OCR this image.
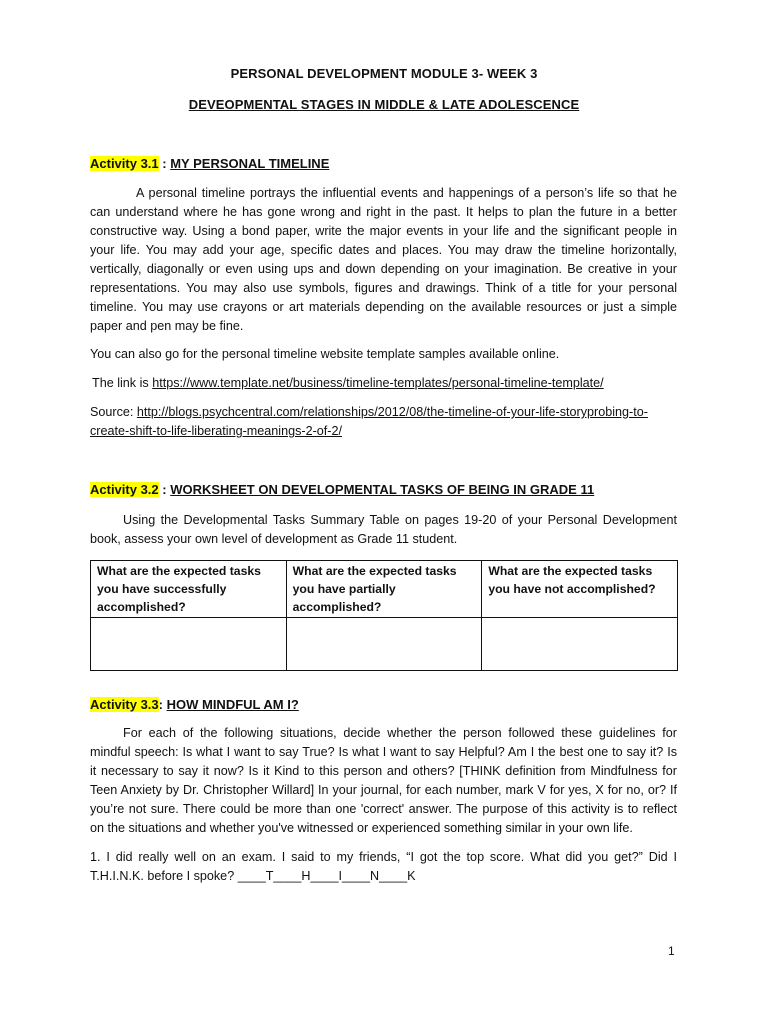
PERSONAL DEVELOPMENT MODULE 3- WEEK 3
DEVEOPMENTAL STAGES IN MIDDLE & LATE ADOLESCENCE
Activity 3.1 : MY PERSONAL TIMELINE
A personal timeline portrays the influential events and happenings of a person’s life so that he
can understand where he has gone wrong and right in the past. It helps to plan the future in a better
constructive way. Using a bond paper, write the major events in your life and the significant people in
your life. You may add your age, specific dates and places. You may draw the timeline horizontally,
vertically, diagonally or even using ups and down depending on your imagination. Be creative in your
representations. You may also use symbols, figures and drawings. Think of a title for your personal
timeline. You may use crayons or art materials depending on the available resources or just a simple
paper and pen may be fine.
You can also go for the personal timeline website template samples available online.
The link is https://www.template.net/business/timeline-templates/personal-timeline-template/
Source: http://blogs.psychcentral.com/relationships/2012/08/the-timeline-of-your-life-storyprobing-to-
create-shift-to-life-liberating-meanings-2-of-2/
Activity 3.2 : WORKSHEET ON DEVELOPMENTAL TASKS OF BEING IN GRADE 11
Using the Developmental Tasks Summary Table on pages 19-20 of your Personal Development
book, assess your own level of development as Grade 11 student.
What are the expected tasks you have successfully accomplished?	What are the expected tasks you have partially accomplished?	What are the expected tasks you have not accomplished?

Activity 3.3: HOW MINDFUL AM I?
For each of the following situations, decide whether the person followed these guidelines for
mindful speech: Is what I want to say True? Is what I want to say Helpful? Am I the best one to say it? Is
it necessary to say it now? Is it Kind to this person and others? [THINK definition from Mindfulness for
Teen Anxiety by Dr. Christopher Willard] In your journal, for each number, mark V for yes, X for no, or? If
you’re not sure. There could be more than one 'correct' answer. The purpose of this activity is to reflect
on the situations and whether you've witnessed or experienced something similar in your own life.
1. I did really well on an exam. I said to my friends, “I got the top score. What did you get?” Did I
T.H.I.N.K. before I spoke? ____T____H____I____N____K
1
